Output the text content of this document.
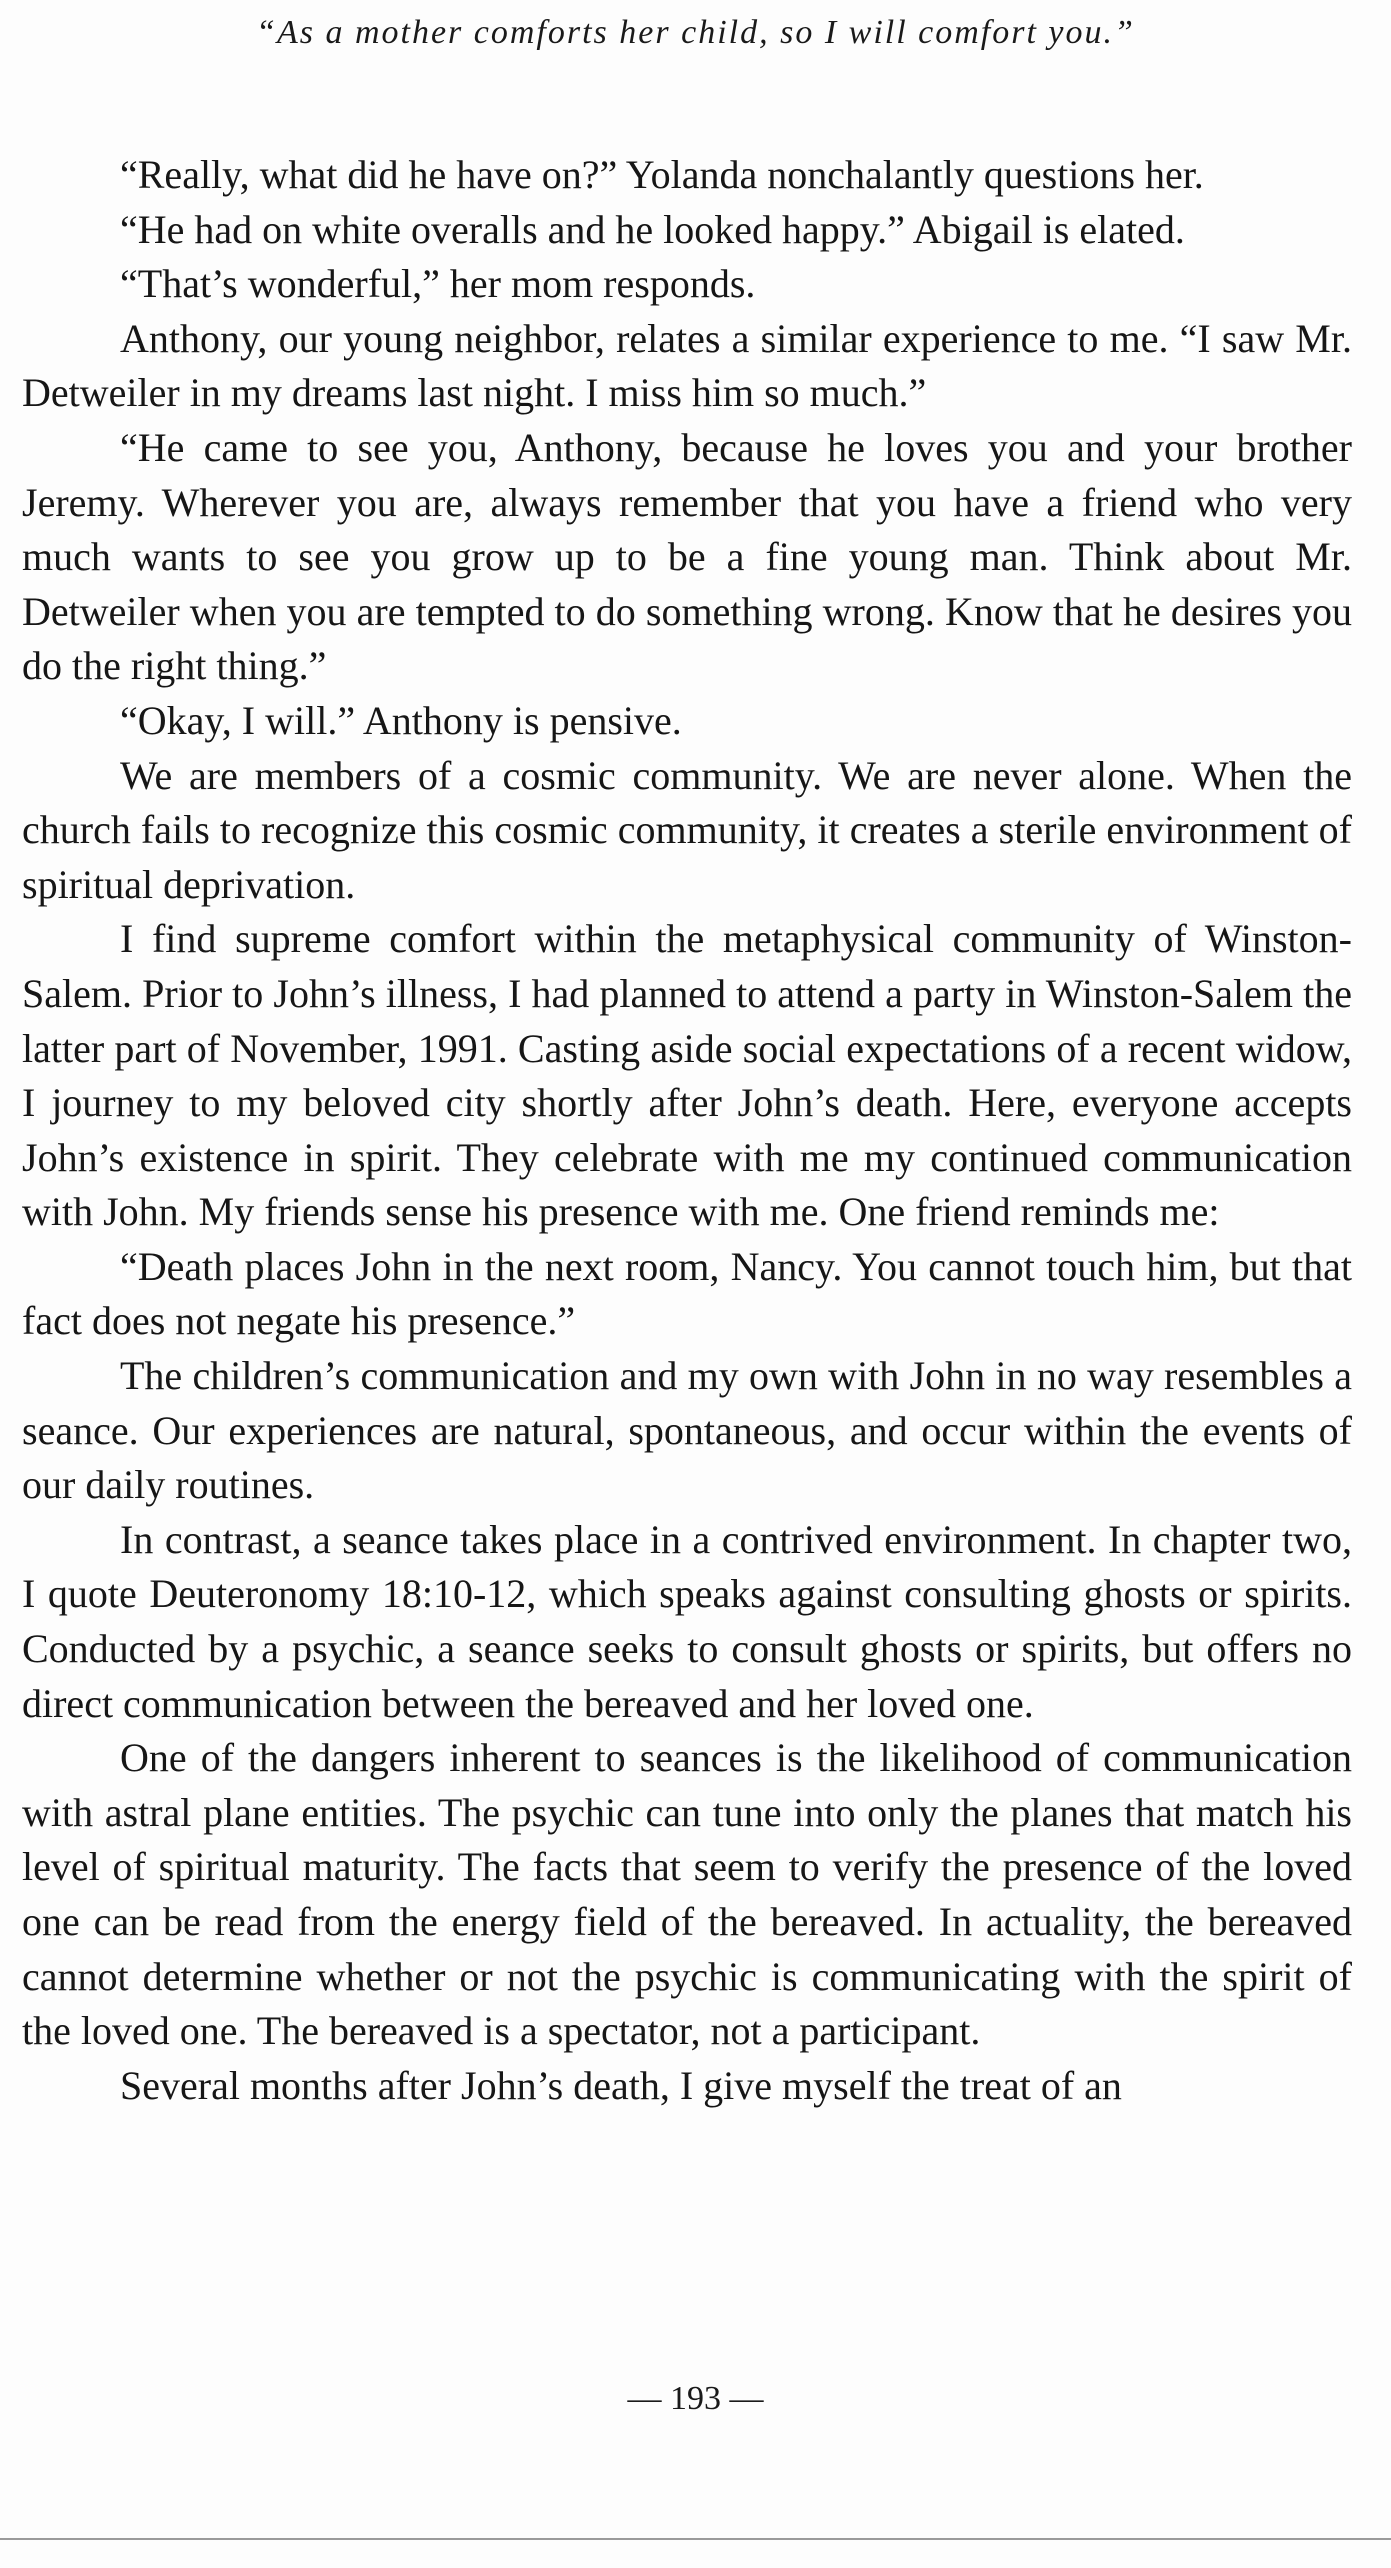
“As a mother comforts her child, so I will comfort you.”

“Really, what did he have on?” Yolanda nonchalantly questions her.

“He had on white overalls and he looked happy.” Abigail is elated.

“That’s wonderful,” her mom responds.

Anthony, our young neighbor, relates a similar experience to me. “I saw Mr. Detweiler in my dreams last night. I miss him so much.”

“He came to see you, Anthony, because he loves you and your brother Jeremy. Wherever you are, always remember that you have a friend who very much wants to see you grow up to be a fine young man. Think about Mr. Detweiler when you are tempted to do something wrong. Know that he desires you do the right thing.”

“Okay, I will.” Anthony is pensive.

We are members of a cosmic community. We are never alone. When the church fails to recognize this cosmic community, it creates a sterile environment of spiritual deprivation.

I find supreme comfort within the metaphysical community of Winston-Salem. Prior to John’s illness, I had planned to attend a party in Winston-Salem the latter part of November, 1991. Casting aside social expectations of a recent widow, I journey to my beloved city shortly after John’s death. Here, everyone accepts John’s existence in spirit. They celebrate with me my continued communication with John. My friends sense his presence with me. One friend reminds me:

“Death places John in the next room, Nancy. You cannot touch him, but that fact does not negate his presence.”

The children’s communication and my own with John in no way resembles a seance. Our experiences are natural, spontaneous, and occur within the events of our daily routines.

In contrast, a seance takes place in a contrived environment. In chapter two, I quote Deuteronomy 18:10-12, which speaks against consulting ghosts or spirits. Conducted by a psychic, a seance seeks to consult ghosts or spirits, but offers no direct communication between the bereaved and her loved one.

One of the dangers inherent to seances is the likelihood of communication with astral plane entities. The psychic can tune into only the planes that match his level of spiritual maturity. The facts that seem to verify the presence of the loved one can be read from the energy field of the bereaved. In actuality, the bereaved cannot determine whether or not the psychic is communicating with the spirit of the loved one. The bereaved is a spectator, not a participant.

Several months after John’s death, I give myself the treat of an

— 193 —
